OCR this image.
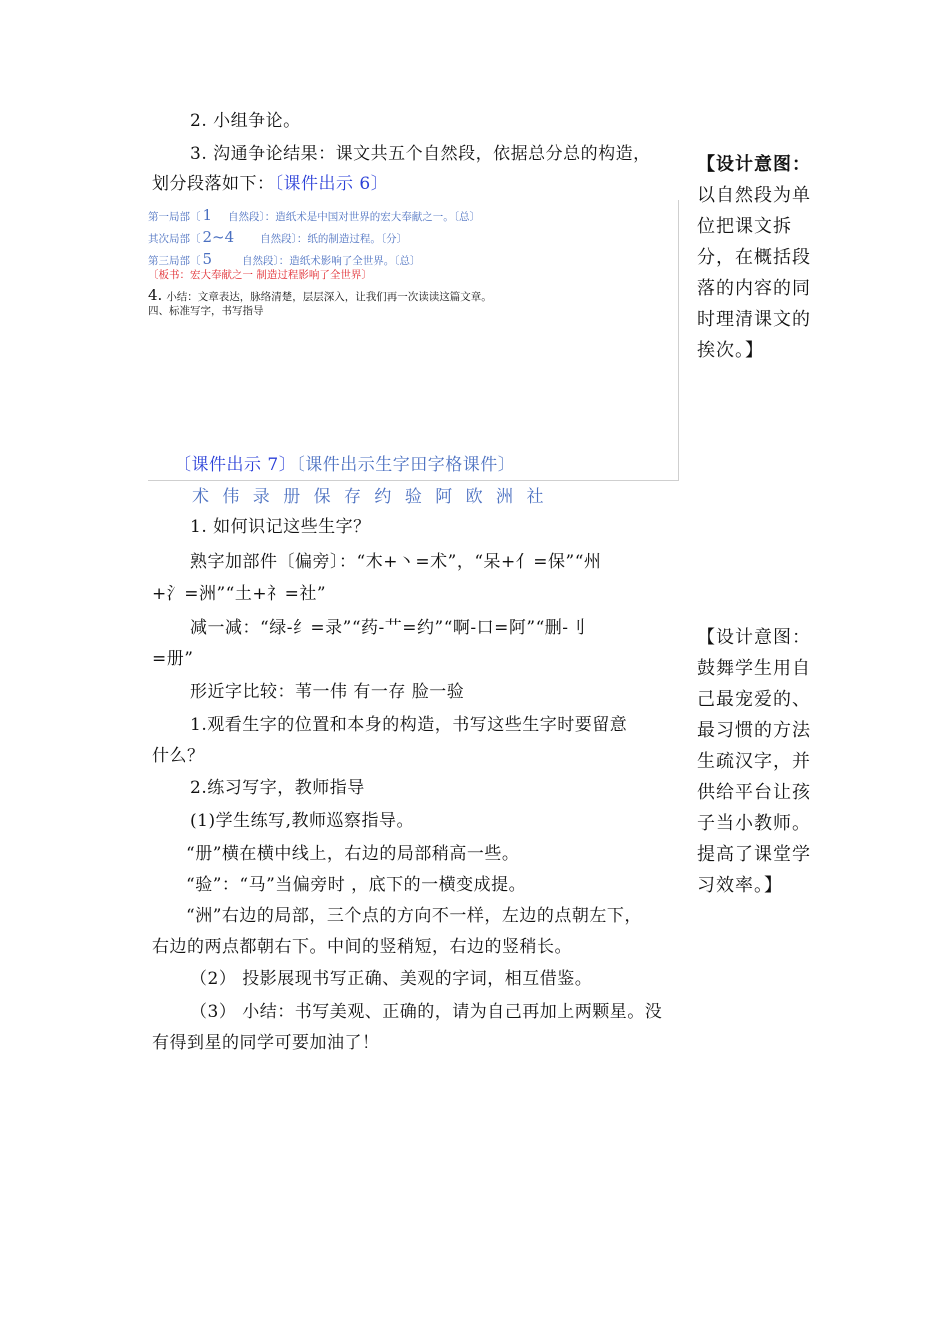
2. 小组争论。
3. 沟通争论结果：课文共五个自然段，依据总分总的构造，
划分段落如下：〔课件出示 6〕
第一局部〔 1 自然段〕：造纸术是中国对世界的宏大奉献之一。〔总〕
其次局部〔 2~4 自然段〕：纸的制造过程。〔分〕
第三局部〔 5	自然段〕：造纸术影响了全世界。〔总〕
〔板书：宏大奉献之一 制造过程影响了全世界〕
4. 小结：文章表达，脉络清楚，层层深入，让我们再一次读读这篇文章。
四、标准写字，书写指导
〔课件出示 7〕〔课件出示生字田字格课件〕
术 伟 录 册 保 存 约 验 阿 欧 洲 社
1. 如何识记这些生字？
熟字加部件〔偏旁〕：“木+丶=术”，“呆+亻=保”“州
+氵=洲”“土+礻=社”
减一减：“绿-纟=录”“药-艹=约”“啊-口=阿”“删-刂
=册”
形近字比较：苇一伟 有一存 脸一验
1.观看生字的位置和本身的构造，书写这些生字时要留意
什么？
2.练习写字，教师指导
(1)学生练写,教师巡察指导。
“册”横在横中线上，右边的局部稍高一些。
“验”：“马”当偏旁时 ，底下的一横变成提。
“洲”右边的局部，三个点的方向不一样，左边的点朝左下，
右边的两点都朝右下。中间的竖稍短，右边的竖稍长。
（2） 投影展现书写正确、美观的字词，相互借鉴。
（3） 小结：书写美观、正确的，请为自己再加上两颗星。没
有得到星的同学可要加油了！
【设计意图：
以自然段为单位把课文拆分，在概括段落的内容的同时理清课文的挨次。】
【设计意图：
鼓舞学生用自己最宠爱的、最习惯的方法生疏汉字，并供给平台让孩子当小教师。提高了课堂学习效率。】
